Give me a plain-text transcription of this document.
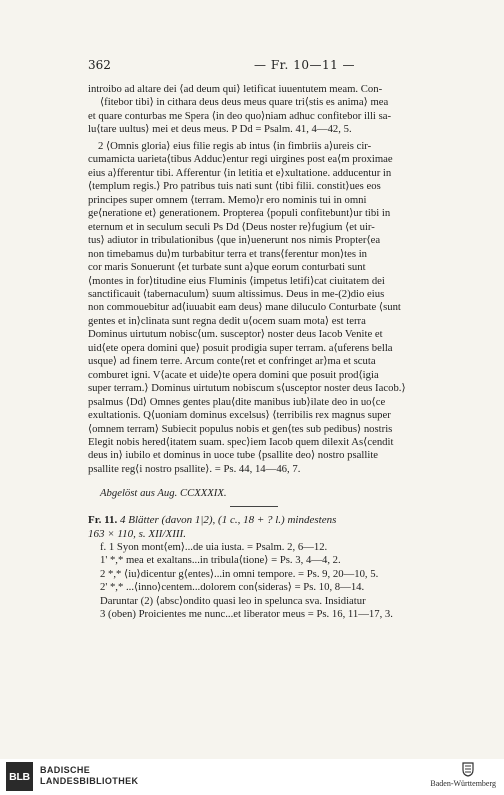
362	— Fr. 10—11 —
introibo ad altare dei ⟨ad deum qui⟩ letificat iuuentutem meam. Con-
⟨fitebor tibi⟩ in cithara deus deus meus quare tri⟨stis es anima⟩ mea
et quare conturbas me Spera ⟨in deo quo⟩niam adhuc confitebor illi sa-
lu⟨tare uultus⟩ mei et deus meus. P Dd = Psalm. 41, 4—42, 5.
2 ⟨Omnis gloria⟩ eius filie regis ab intus ⟨in fimbriis a⟩ureis cir-
cumamicta uarieta⟨tibus Adduc⟩entur regi uirgines post ea⟨m proximae
eius a⟩fferentur tibi. Afferentur ⟨in letitia et e⟩xultatione. adducentur in
⟨templum regis.⟩ Pro patribus tuis nati sunt ⟨tibi filii. constit⟩ues eos
principes super omnem ⟨terram. Memo⟩r ero nominis tui in omni
ge⟨neratione et⟩ generationem. Propterea ⟨populi confitebunt⟩ur tibi in
eternum et in seculum seculi Ps Dd ⟨Deus noster re⟩fugium ⟨et uir-
tus⟩ adiutor in tribulationibus ⟨que in⟩uenerunt nos nimis Propter⟨ea
non timebamus du⟩m turbabitur terra et trans⟨ferentur mon⟩tes in
cor maris Sonuerunt ⟨et turbate sunt a⟩que eorum conturbati sunt
⟨montes in for⟩titudine eius Fluminis ⟨impetus letifi⟩cat ciuitatem dei
sanctificauit ⟨tabernaculum⟩ suum altissimus. Deus in me-(2)dio eius
non commouebitur ad⟨iuuabit eam deus⟩ mane diluculo Conturbate ⟨sunt
gentes et in⟩clinata sunt regna dedit u⟨ocem suam mota⟩ est terra
Dominus uirtutum nobisc⟨um. susceptor⟩ noster deus Iacob Venite et
uid⟨ete opera domini que⟩ posuit prodigia super terram. a⟨uferens bella
usque⟩ ad finem terre. Arcum conte⟨ret et confringet ar⟩ma et scuta
comburet igni. V⟨acate et uide⟩te opera domini que posuit prod⟨igia
super terram.⟩ Dominus uirtutum nobiscum s⟨usceptor noster deus Iacob.⟩
psalmus ⟨Dd⟩ Omnes gentes plau⟨dite manibus iub⟩ilate deo in uo⟨ce
exultationis. Q⟨uoniam dominus excelsus⟩ ⟨terribilis rex magnus super
⟨omnem terram⟩ Subiecit populus nobis et gen⟨tes sub pedibus⟩ nostris
Elegit nobis hered⟨itatem suam. spec⟩iem Iacob quem dilexit As⟨cendit
deus in⟩ iubilo et dominus in uoce tube ⟨psallite deo⟩ nostro psallite
psallite reg⟨i nostro psallite⟩. = Ps. 44, 14—46, 7.
Abgelöst aus Aug. CCXXXIX.
Fr. 11. 4 Blätter (davon 1|2), (1 c., 18 + ? l.) mindestens
163 × 110, s. XII/XIII.
f. 1 Syon mont⟨em⟩...de uia iusta. = Psalm. 2, 6—12.
1' *,* mea et exaltans...in tribula⟨tione⟩ = Ps. 3, 4—4, 2.
2 *,* ⟨iu⟩dicentur g⟨entes⟩...in omni tempore. = Ps. 9, 20—10, 5.
2' *,* ...⟨inno⟩centem...dolorem con⟨sideras⟩ = Ps. 10, 8—14.
Daruntar (2) ⟨absc⟩ondito quasi leo in spelunca sva. Insidiatur
3 (oben) Proicientes me nunc...et liberator meus = Ps. 16, 11—17, 3.
BLB
BADISCHE
LANDESBIBLIOTHEK	Baden-Württemberg
